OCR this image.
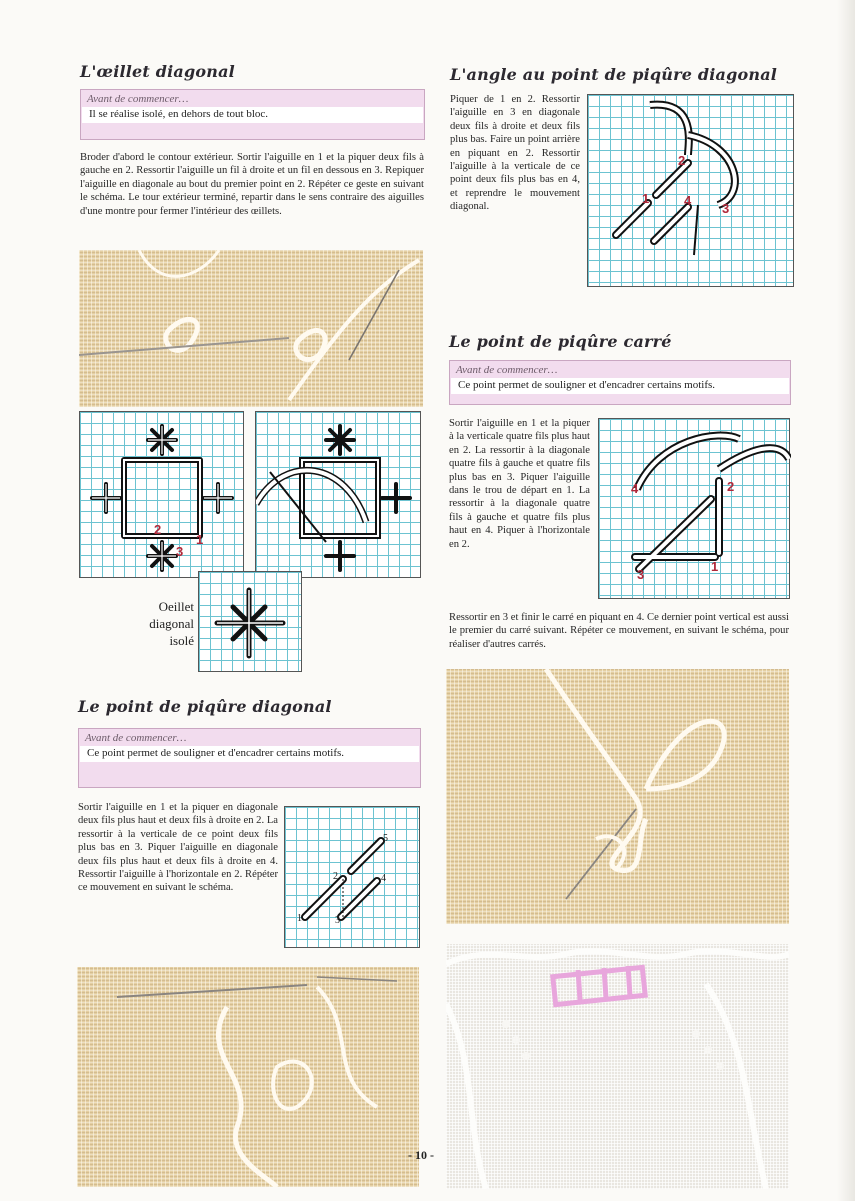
L'œillet diagonal
Avant de commencer…
Il se réalise isolé, en dehors de tout bloc.

Broder d'abord le contour extérieur. Sortir l'aiguille en 1 et la piquer deux fils à gauche en 2. Ressortir l'aiguille un fil à droite et un fil en dessous en 3. Repiquer l'aiguille en diagonale au bout du premier point en 2. Répéter ce geste en suivant le schéma. Le tour extérieur terminé, repartir dans le sens contraire des aiguilles d'une montre pour fermer l'intérieur des œillets.

2
3
1
Oeillet
diagonal
isolé
Le point de piqûre diagonal
Avant de commencer…
Ce point permet de souligner et d'encadrer certains motifs.

Sortir l'aiguille en 1 et la piquer en diagonale deux fils plus haut et deux fils à droite en 2. La ressortir à la verticale de ce point deux fils plus bas en 3. Piquer l'aiguille en diagonale deux fils plus haut et deux fils à droite en 4. Ressortir l'aiguille à l'horizontale en 2. Répéter ce mouvement en suivant le schéma.

5
2	4
1	3
- 10 -
L'angle au point de piqûre diagonal

Piquer de 1 en 2. Ressortir l'aiguille en 3 en diagonale deux fils à droite et deux fils plus bas. Faire un point arrière en piquant en 2. Ressortir l'aiguille à la verticale de ce point deux fils plus bas en 4, et reprendre le mouvement diagonal.

2
1	4
3
Le point de piqûre carré
Avant de commencer…
Ce point permet de souligner et d'encadrer certains motifs.

Sortir l'aiguille en 1 et la piquer à la verticale quatre fils plus haut en 2. La ressortir à la diagonale quatre fils à gauche et quatre fils plus bas en 3. Piquer l'aiguille dans le trou de départ en 1. La ressortir à la diagonale quatre fils à gauche et quatre fils plus haut en 4. Piquer à l'horizontale en 2.

4	2
3
1

Ressortir en 3 et finir le carré en piquant en 4. Ce dernier point vertical est aussi le premier du carré suivant. Répéter ce mouvement, en suivant le schéma, pour réaliser d'autres carrés.
